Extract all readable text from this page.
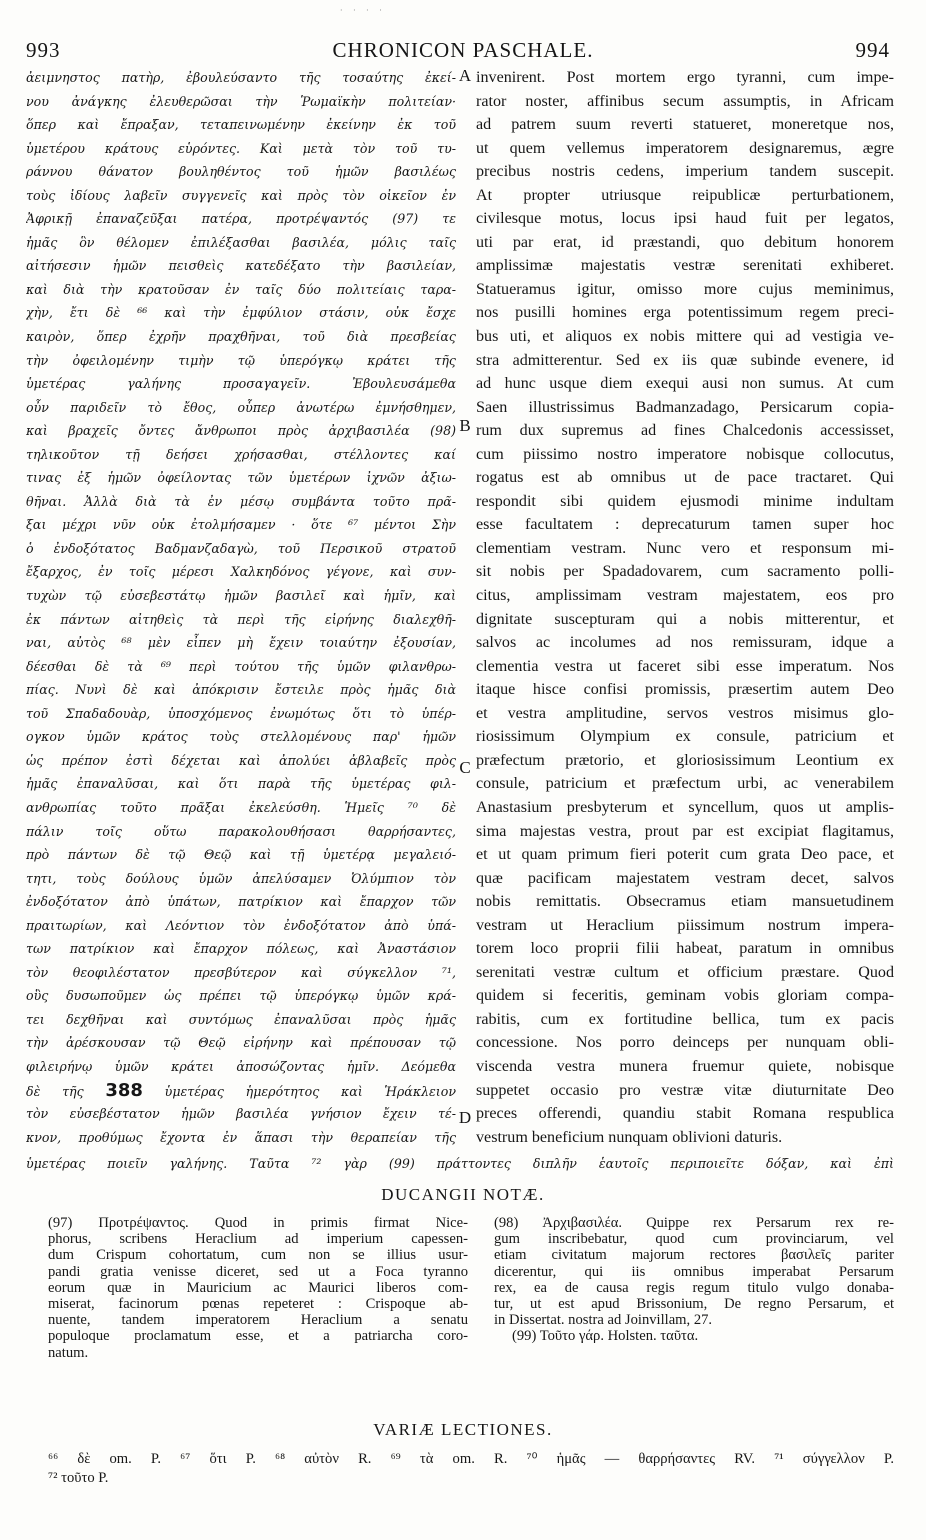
· · · ·
993	CHRONICON PASCHALE.	994
ἀειμνηστος πατὴρ, ἐβουλεύσαντο τῆς τοσαύτης ἐκεί-
νου ἀνάγκης ἐλευθερῶσαι τὴν Ῥωμαϊκὴν πολιτείαν·
ὅπερ καὶ ἔπραξαν, τεταπεινωμένην ἐκείνην ἐκ τοῦ
ὑμετέρου κράτους εὑρόντες. Καὶ μετὰ τὸν τοῦ τυ-
ράννου θάνατον βουληθέντος τοῦ ἡμῶν βασιλέως
τοὺς ἰδίους λαβεῖν συγγενεῖς καὶ πρὸς τὸν οἰκεῖον ἐν
Ἀφρικῇ ἐπαναζεῦξαι πατέρα, προτρέψαντός (97) τε
ἡμᾶς ὃν θέλομεν ἐπιλέξασθαι βασιλέα, μόλις ταῖς
αἰτήσεσιν ἡμῶν πεισθεὶς κατεδέξατο τὴν βασιλείαν,
καὶ διὰ τὴν κρατοῦσαν ἐν ταῖς δύο πολιτείαις ταρα-
χὴν, ἔτι δὲ ⁶⁶ καὶ τὴν ἐμφύλιον στάσιν, οὐκ ἔσχε
καιρὸν, ὅπερ ἐχρῆν πραχθῆναι, τοῦ διὰ πρεσβείας
τὴν ὀφειλομένην τιμὴν τῷ ὑπερόγκῳ κράτει τῆς
ὑμετέρας γαλήνης προσαγαγεῖν. Ἐβουλευσάμεθα
οὖν παριδεῖν τὸ ἔθος, οὗπερ ἀνωτέρω ἐμνήσθημεν,
καὶ βραχεῖς ὄντες ἄνθρωποι πρὸς ἀρχιβασιλέα (98)
τηλικοῦτον τῇ δεήσει χρήσασθαι, στέλλοντες καί
τινας ἐξ ἡμῶν ὀφείλοντας τῶν ὑμετέρων ἰχνῶν ἀξιω-
θῆναι. Ἀλλὰ διὰ τὰ ἐν μέσῳ συμβάντα τοῦτο πρᾶ-
ξαι μέχρι νῦν οὐκ ἐτολμήσαμεν · ὅτε ⁶⁷ μέντοι Σὴν
ὁ ἐνδοξότατος Βαδμανζαδαγὼ, τοῦ Περσικοῦ στρατοῦ
ἔξαρχος, ἐν τοῖς μέρεσι Χαλκηδόνος γέγονε, καὶ συν-
τυχὼν τῷ εὐσεβεστάτῳ ἡμῶν βασιλεῖ καὶ ἡμῖν, καὶ
ἐκ πάντων αἰτηθεὶς τὰ περὶ τῆς εἰρήνης διαλεχθῆ-
ναι, αὐτὸς ⁶⁸ μὲν εἶπεν μὴ ἔχειν τοιαύτην ἐξουσίαν,
δέεσθαι δὲ τὰ ⁶⁹ περὶ τούτου τῆς ὑμῶν φιλανθρω-
πίας. Νυνὶ δὲ καὶ ἀπόκρισιν ἔστειλε πρὸς ἡμᾶς διὰ
τοῦ Σπαδαδουὰρ, ὑποσχόμενος ἐνωμότως ὅτι τὸ ὑπέρ-
ογκον ὑμῶν κράτος τοὺς στελλομένους παρ' ἡμῶν
ὡς πρέπον ἐστὶ δέχεται καὶ ἀπολύει ἀβλαβεῖς πρὸς
ἡμᾶς ἐπαναλῦσαι, καὶ ὅτι παρὰ τῆς ὑμετέρας φιλ-
ανθρωπίας τοῦτο πρᾶξαι ἐκελεύσθη. Ἡμεῖς ⁷⁰ δὲ
πάλιν τοῖς οὕτω παρακολουθήσασι θαρρήσαντες,
πρὸ πάντων δὲ τῷ Θεῷ καὶ τῇ ὑμετέρᾳ μεγαλειό-
τητι, τοὺς δούλους ὑμῶν ἀπελύσαμεν Ὀλύμπιον τὸν
ἐνδοξότατον ἀπὸ ὑπάτων, πατρίκιον καὶ ἔπαρχον τῶν
πραιτωρίων, καὶ Λεόντιον τὸν ἐνδοξότατον ἀπὸ ὑπά-
των πατρίκιον καὶ ἔπαρχον πόλεως, καὶ Ἀναστάσιον
τὸν θεοφιλέστατον πρεσβύτερον καὶ σύγκελλον ⁷¹,
οὓς δυσωποῦμεν ὡς πρέπει τῷ ὑπερόγκῳ ὑμῶν κρά-
τει δεχθῆναι καὶ συντόμως ἐπαναλῦσαι πρὸς ἡμᾶς
τὴν ἀρέσκουσαν τῷ Θεῷ εἰρήνην καὶ πρέπουσαν τῷ
φιλειρήνῳ ὑμῶν κράτει ἀποσώζοντας ἡμῖν. Δεόμεθα
δὲ τῆς 388 ὑμετέρας ἡμερότητος καὶ Ἡράκλειον
τὸν εὐσεβέστατον ἡμῶν βασιλέα γνήσιον ἔχειν τέ-
κνον, προθύμως ἔχοντα ἐν ἅπασι τὴν θεραπείαν τῆς
invenirent. Post mortem ergo tyranni, cum impe-
rator noster, affinibus secum assumptis, in Africam
ad patrem suum reverti statueret, moneretque nos,
ut quem vellemus imperatorem designaremus, ægre
precibus nostris cedens, imperium tandem suscepit.
At propter utriusque reipublicæ perturbationem,
civilesque motus, locus ipsi haud fuit per legatos,
uti par erat, id præstandi, quo debitum honorem
amplissimæ majestatis vestræ serenitati exhiberet.
Statueramus igitur, omisso more cujus meminimus,
nos pusilli homines erga potentissimum regem preci-
bus uti, et aliquos ex nobis mittere qui ad vestigia ve-
stra admitterentur. Sed ex iis quæ subinde evenere, id
ad hunc usque diem exequi ausi non sumus. At cum
Saen illustrissimus Badmanzadago, Persicarum copia-
rum dux supremus ad fines Chalcedonis accessisset,
cum piissimo nostro imperatore nobisque collocutus,
rogatus est ab omnibus ut de pace tractaret. Qui
respondit sibi quidem ejusmodi minime indultam
esse facultatem : deprecaturum tamen super hoc
clementiam vestram. Nunc vero et responsum mi-
sit nobis per Spadadovarem, cum sacramento polli-
citus, amplissimam vestram majestatem, eos pro
dignitate suscepturam qui a nobis mitterentur, et
salvos ac incolumes ad nos remissuram, idque a
clementia vestra ut faceret sibi esse imperatum. Nos
itaque hisce confisi promissis, præsertim autem Deo
et vestra amplitudine, servos vestros misimus glo-
riosissimum Olympium ex consule, patricium et
præfectum prætorio, et gloriosissimum Leontium ex
consule, patricium et præfectum urbi, ac venerabilem
Anastasium presbyterum et syncellum, quos ut amplis-
sima majestas vestra, prout par est excipiat flagitamus,
et ut quam primum fieri poterit cum grata Deo pace, et
quæ pacificam majestatem vestram decet, salvos
nobis remittatis. Obsecramus etiam mansuetudinem
vestram ut Heraclium piissimum nostrum impera-
torem loco proprii filii habeat, paratum in omnibus
serenitati vestræ cultum et officium præstare. Quod
quidem si feceritis, geminam vobis gloriam compa-
rabitis, cum ex fortitudine bellica, tum ex pacis
concessione. Nos porro deinceps per nunquam obli-
viscenda vestra munera fruemur quiete, nobisque
suppetet occasio pro vestræ vitæ diuturnitate Deo
preces offerendi, quandiu stabit Romana respublica
vestrum beneficium nunquam oblivioni daturis.
A
B
C
D
ὑμετέρας ποιεῖν γαλήνης. Ταῦτα ⁷² γὰρ (99) πράττοντες διπλῆν ἑαυτοῖς περιποιεῖτε δόξαν, καὶ ἐπὶ
DUCANGII NOTÆ.
(97) Προτρέψαντος. Quod in primis firmat Nice-
phorus, scribens Heraclium ad imperium capessen-
dum Crispum cohortatum, cum non se illius usur-
pandi gratia venisse diceret, sed ut a Foca tyranno
eorum quæ in Mauricium ac Maurici liberos com-
miserat, facinorum pœnas repeteret : Crispoque ab-
nuente, tandem imperatorem Heraclium a senatu
populoque proclamatum esse, et a patriarcha coro-
natum.
(98) Ἀρχιβασιλέα. Quippe rex Persarum rex re-
gum inscribebatur, quod cum provinciarum, vel
etiam civitatum majorum rectores βασιλεῖς pariter
dicerentur, qui iis omnibus imperabat Persarum
rex, ea de causa regis regum titulo vulgo donaba-
tur, ut est apud Brissonium, De regno Persarum, et
in Dissertat. nostra ad Joinvillam, 27.
(99) Τοῦτο γάρ. Holsten. ταῦτα.
VARIÆ LECTIONES.
⁶⁶ δὲ om. P. ⁶⁷ ὅτι P. ⁶⁸ αὐτὸν R. ⁶⁹ τὰ om. R. ⁷⁰ ἡμᾶς — θαρρήσαντες RV. ⁷¹ σύγγελλον P.
⁷² τοῦτο P.
